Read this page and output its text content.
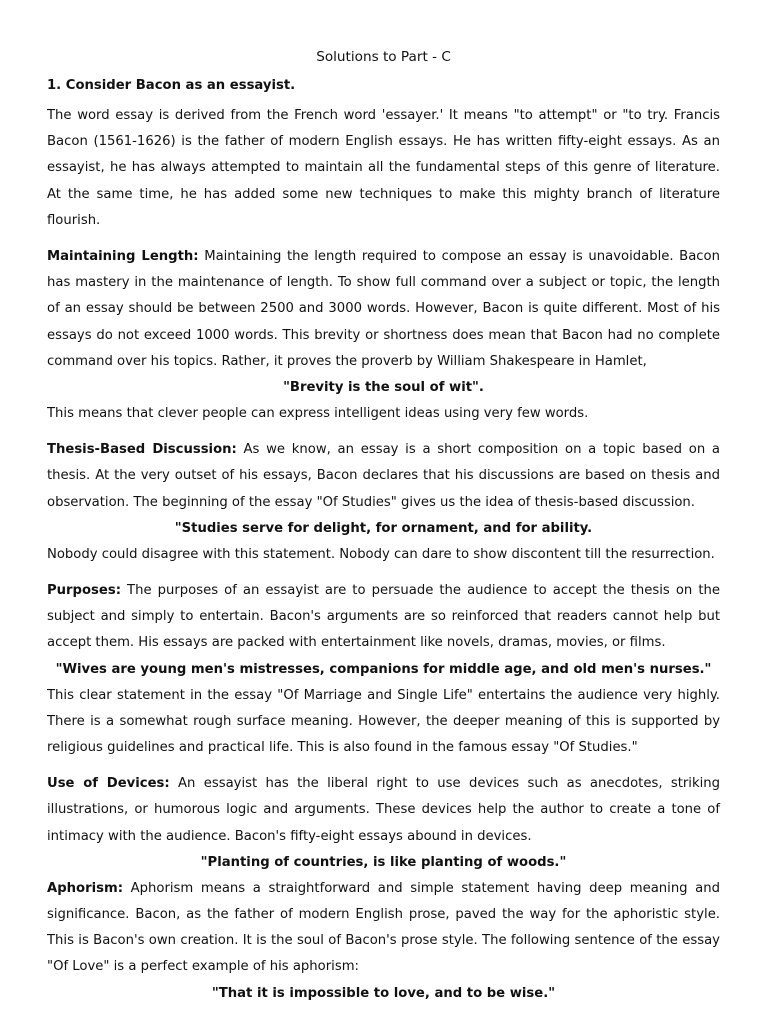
Solutions to Part - C
1. Consider Bacon as an essayist.

The word essay is derived from the French word 'essayer.' It means "to attempt" or "to try. Francis Bacon (1561-1626) is the father of modern English essays. He has written fifty-eight essays. As an essayist, he has always attempted to maintain all the fundamental steps of this genre of literature. At the same time, he has added some new techniques to make this mighty branch of literature flourish.

Maintaining Length: Maintaining the length required to compose an essay is unavoidable. Bacon has mastery in the maintenance of length. To show full command over a subject or topic, the length of an essay should be between 2500 and 3000 words. However, Bacon is quite different. Most of his essays do not exceed 1000 words. This brevity or shortness does mean that Bacon had no complete command over his topics. Rather, it proves the proverb by William Shakespeare in Hamlet,

"Brevity is the soul of wit".

This means that clever people can express intelligent ideas using very few words.

Thesis-Based Discussion: As we know, an essay is a short composition on a topic based on a thesis. At the very outset of his essays, Bacon declares that his discussions are based on thesis and observation. The beginning of the essay "Of Studies" gives us the idea of thesis-based discussion.

"Studies serve for delight, for ornament, and for ability.

Nobody could disagree with this statement. Nobody can dare to show discontent till the resurrection.

Purposes: The purposes of an essayist are to persuade the audience to accept the thesis on the subject and simply to entertain. Bacon's arguments are so reinforced that readers cannot help but accept them. His essays are packed with entertainment like novels, dramas, movies, or films.

"Wives are young men's mistresses, companions for middle age, and old men's nurses."

This clear statement in the essay "Of Marriage and Single Life" entertains the audience very highly. There is a somewhat rough surface meaning. However, the deeper meaning of this is supported by religious guidelines and practical life. This is also found in the famous essay "Of Studies."

Use of Devices: An essayist has the liberal right to use devices such as anecdotes, striking illustrations, or humorous logic and arguments. These devices help the author to create a tone of intimacy with the audience. Bacon's fifty-eight essays abound in devices.

"Planting of countries, is like planting of woods."

Aphorism: Aphorism means a straightforward and simple statement having deep meaning and significance. Bacon, as the father of modern English prose, paved the way for the aphoristic style. This is Bacon's own creation. It is the soul of Bacon's prose style. The following sentence of the essay "Of Love" is a perfect example of his aphorism:

"That it is impossible to love, and to be wise."
